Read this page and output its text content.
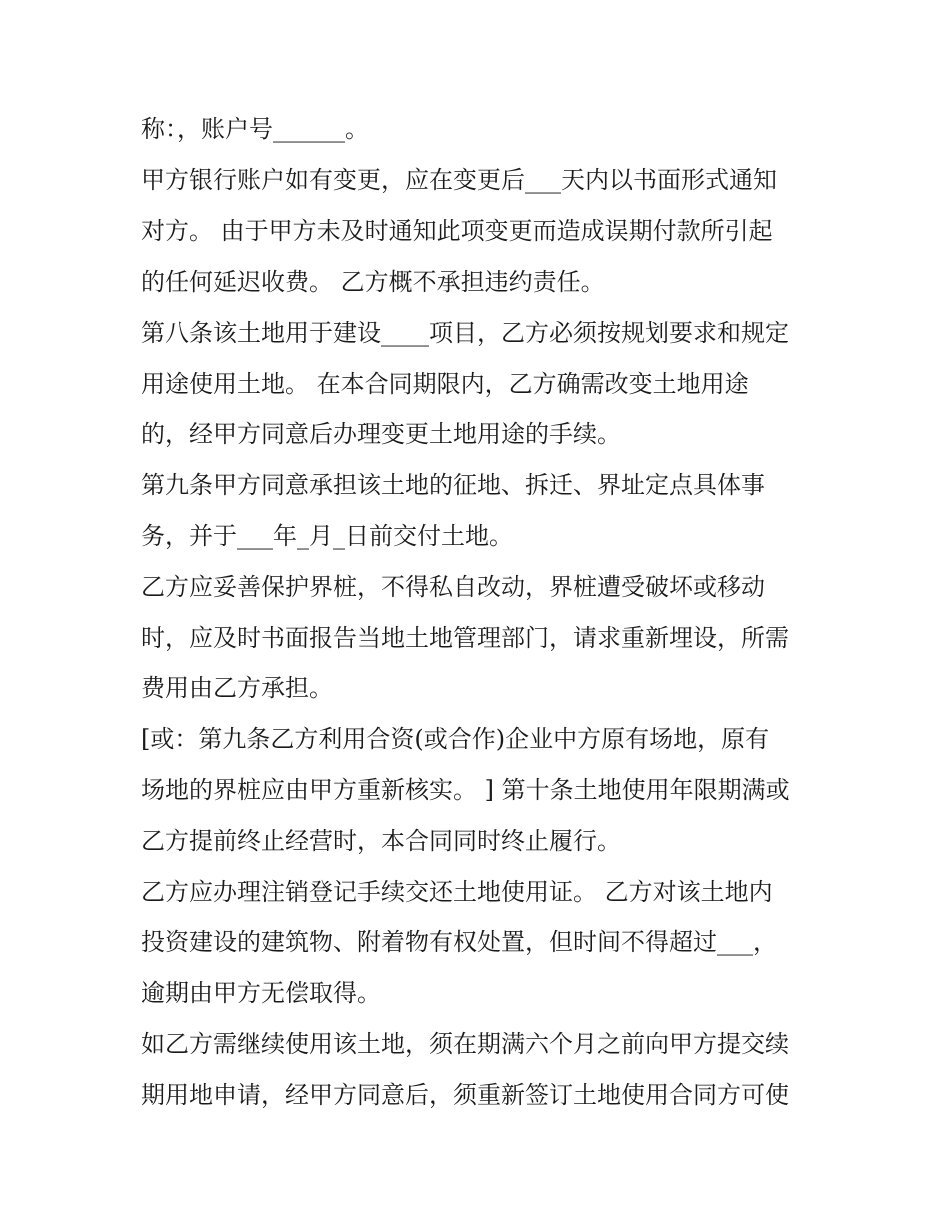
称：，账户号______。
甲方银行账户如有变更，应在变更后___天内以书面形式通知
对方。 由于甲方未及时通知此项变更而造成误期付款所引起
的任何延迟收费。 乙方概不承担违约责任。
第八条该土地用于建设____项目，乙方必须按规划要求和规定
用途使用土地。 在本合同期限内，乙方确需改变土地用途
的，经甲方同意后办理变更土地用途的手续。
第九条甲方同意承担该土地的征地、拆迁、界址定点具体事
务，并于___年_月_日前交付土地。
乙方应妥善保护界桩，不得私自改动，界桩遭受破坏或移动
时，应及时书面报告当地土地管理部门，请求重新埋设，所需
费用由乙方承担。
[或：第九条乙方利用合资(或合作)企业中方原有场地，原有
场地的界桩应由甲方重新核实。 ] 第十条土地使用年限期满或
乙方提前终止经营时，本合同同时终止履行。
乙方应办理注销登记手续交还土地使用证。 乙方对该土地内
投资建设的建筑物、附着物有权处置，但时间不得超过___，
逾期由甲方无偿取得。
如乙方需继续使用该土地，须在期满六个月之前向甲方提交续
期用地申请，经甲方同意后，须重新签订土地使用合同方可使
